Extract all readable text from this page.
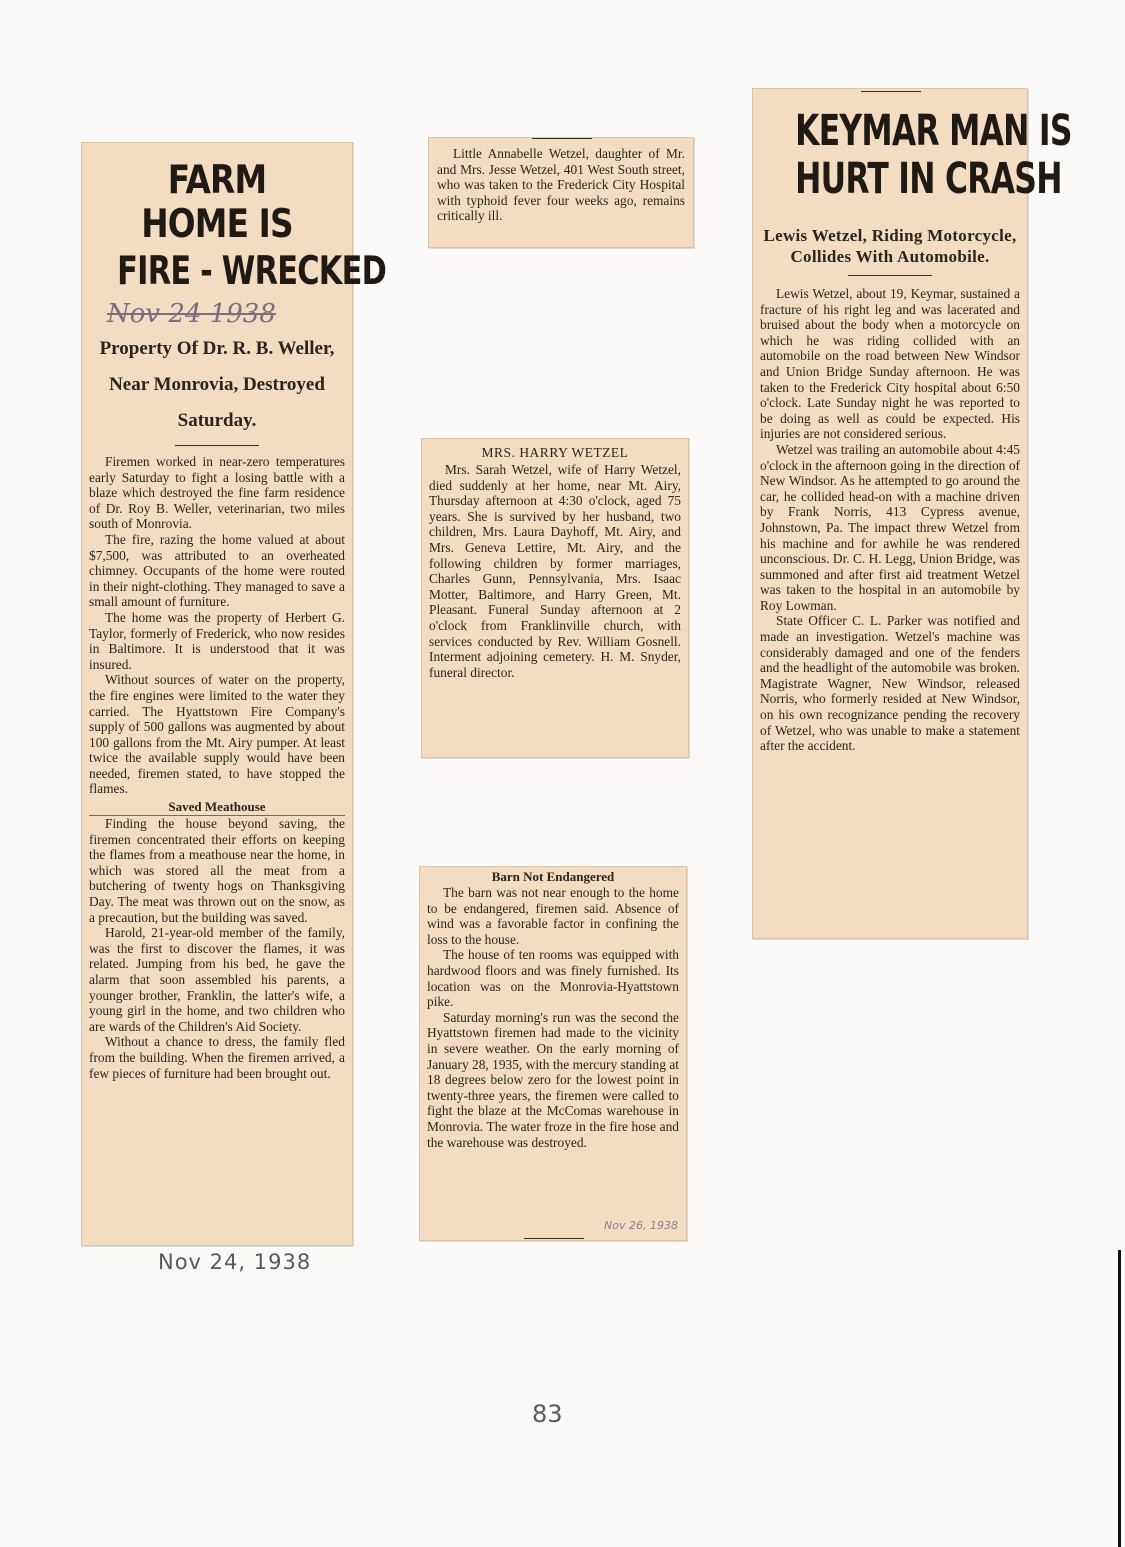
FARM HOME IS
FIRE - WRECKED
Nov 24 1938
Property Of Dr. R. B. Weller, Near Monrovia, Destroyed Saturday.

Firemen worked in near-zero temperatures early Saturday to fight a losing battle with a blaze which destroyed the fine farm residence of Dr. Roy B. Weller, veterinarian, two miles south of Monrovia.

The fire, razing the home valued at about $7,500, was attributed to an overheated chimney. Occupants of the home were routed in their night-clothing. They managed to save a small amount of furniture.

The home was the property of Herbert G. Taylor, formerly of Frederick, who now resides in Baltimore. It is understood that it was insured.

Without sources of water on the property, the fire engines were limited to the water they carried. The Hyattstown Fire Company's supply of 500 gallons was augmented by about 100 gallons from the Mt. Airy pumper. At least twice the available supply would have been needed, firemen stated, to have stopped the flames.

Saved Meathouse

Finding the house beyond saving, the firemen concentrated their efforts on keeping the flames from a meathouse near the home, in which was stored all the meat from a butchering of twenty hogs on Thanksgiving Day. The meat was thrown out on the snow, as a precaution, but the building was saved.

Harold, 21-year-old member of the family, was the first to discover the flames, it was related. Jumping from his bed, he gave the alarm that soon assembled his parents, a younger brother, Franklin, the latter's wife, a young girl in the home, and two children who are wards of the Children's Aid Society.

Without a chance to dress, the family fled from the building. When the firemen arrived, a few pieces of furniture had been brought out.

Nov 24, 1938

Little Annabelle Wetzel, daughter of Mr. and Mrs. Jesse Wetzel, 401 West South street, who was taken to the Frederick City Hospital with typhoid fever four weeks ago, remains critically ill.

MRS. HARRY WETZEL

Mrs. Sarah Wetzel, wife of Harry Wetzel, died suddenly at her home, near Mt. Airy, Thursday afternoon at 4:30 o'clock, aged 75 years. She is survived by her husband, two children, Mrs. Laura Dayhoff, Mt. Airy, and Mrs. Geneva Lettire, Mt. Airy, and the following children by former marriages, Charles Gunn, Pennsylvania, Mrs. Isaac Motter, Baltimore, and Harry Green, Mt. Pleasant. Funeral Sunday afternoon at 2 o'clock from Franklinville church, with services conducted by Rev. William Gosnell. Interment adjoining cemetery. H. M. Snyder, funeral director.

Barn Not Endangered

The barn was not near enough to the home to be endangered, firemen said. Absence of wind was a favorable factor in confining the loss to the house.

The house of ten rooms was equipped with hardwood floors and was finely furnished. Its location was on the Monrovia-Hyattstown pike.

Saturday morning's run was the second the Hyattstown firemen had made to the vicinity in severe weather. On the early morning of January 28, 1935, with the mercury standing at 18 degrees below zero for the lowest point in twenty-three years, the firemen were called to fight the blaze at the McComas warehouse in Monrovia. The water froze in the fire hose and the warehouse was destroyed.

Nov 26, 1938
KEYMAR MAN IS
HURT IN CRASH
Lewis Wetzel, Riding Motorcycle, Collides With Automobile.

Lewis Wetzel, about 19, Keymar, sustained a fracture of his right leg and was lacerated and bruised about the body when a motorcycle on which he was riding collided with an automobile on the road between New Windsor and Union Bridge Sunday afternoon. He was taken to the Frederick City hospital about 6:50 o'clock. Late Sunday night he was reported to be doing as well as could be expected. His injuries are not considered serious.

Wetzel was trailing an automobile about 4:45 o'clock in the afternoon going in the direction of New Windsor. As he attempted to go around the car, he collided head-on with a machine driven by Frank Norris, 413 Cypress avenue, Johnstown, Pa. The impact threw Wetzel from his machine and for awhile he was rendered unconscious. Dr. C. H. Legg, Union Bridge, was summoned and after first aid treatment Wetzel was taken to the hospital in an automobile by Roy Lowman.

State Officer C. L. Parker was notified and made an investigation. Wetzel's machine was considerably damaged and one of the fenders and the headlight of the automobile was broken. Magistrate Wagner, New Windsor, released Norris, who formerly resided at New Windsor, on his own recognizance pending the recovery of Wetzel, who was unable to make a statement after the accident.

83
